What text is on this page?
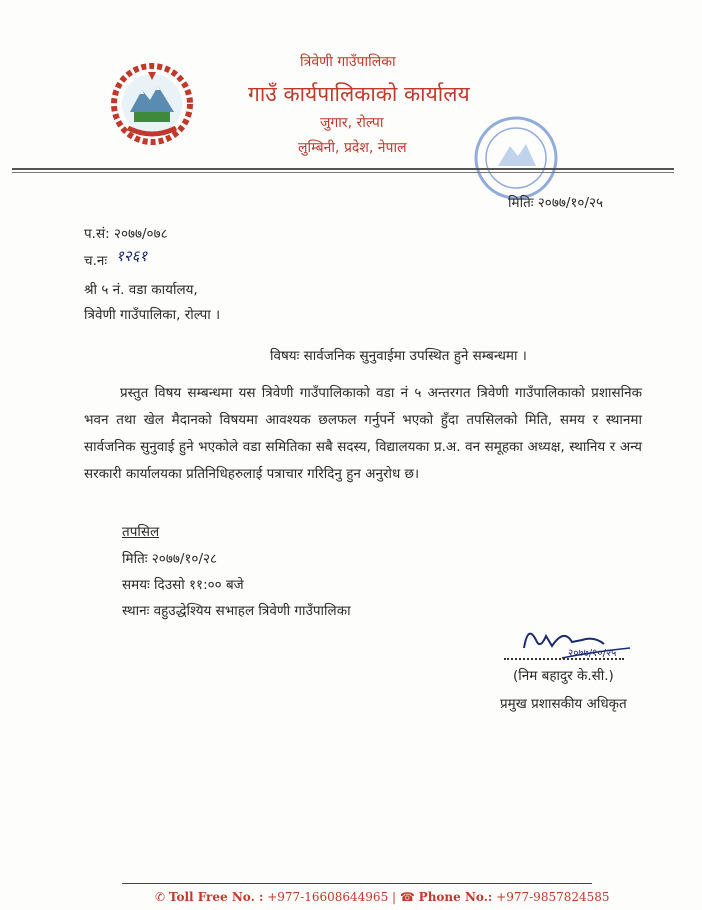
त्रिवेणी गाउँपालिका
गाउँ कार्यपालिकाको कार्यालय
जुगार, रोल्पा
लुम्बिनी, प्रदेश, नेपाल
मितिः २०७७/१०/२५
प.सं: २०७७/०७८
च.नः १२६१
श्री ५ नं. वडा कार्यालय,
त्रिवेणी गाउँपालिका, रोल्पा ।
विषयः सार्वजनिक सुनुवाईमा उपस्थित हुने सम्बन्धमा ।
प्रस्तुत विषय सम्बन्धमा यस त्रिवेणी गाउँपालिकाको वडा नं ५ अन्तरगत त्रिवेणी गाउँपालिकाको प्रशासनिक भवन तथा खेल मैदानको विषयमा आवश्यक छलफल गर्नुपर्ने भएको हुँदा तपसिलको मिति, समय र स्थानमा सार्वजनिक सुनुवाई हुने भएकोले वडा समितिका सबै सदस्य, विद्यालयका प्र.अ. वन समूहका अध्यक्ष, स्थानिय र अन्य सरकारी कार्यालयका प्रतिनिधिहरुलाई पत्राचार गरिदिनु हुन अनुरोध छ।
तपसिल
मितिः २०७७/१०/२८
समयः दिउसो ११:०० बजे
स्थानः वहुउद्धेश्यिय सभाहल त्रिवेणी गाउँपालिका
२०७७/१०/२५
(निम बहादुर के.सी.)
प्रमुख प्रशासकीय अधिकृत
✆ Toll Free No. : +977-16608644965 | ☎ Phone No.: +977-9857824585
